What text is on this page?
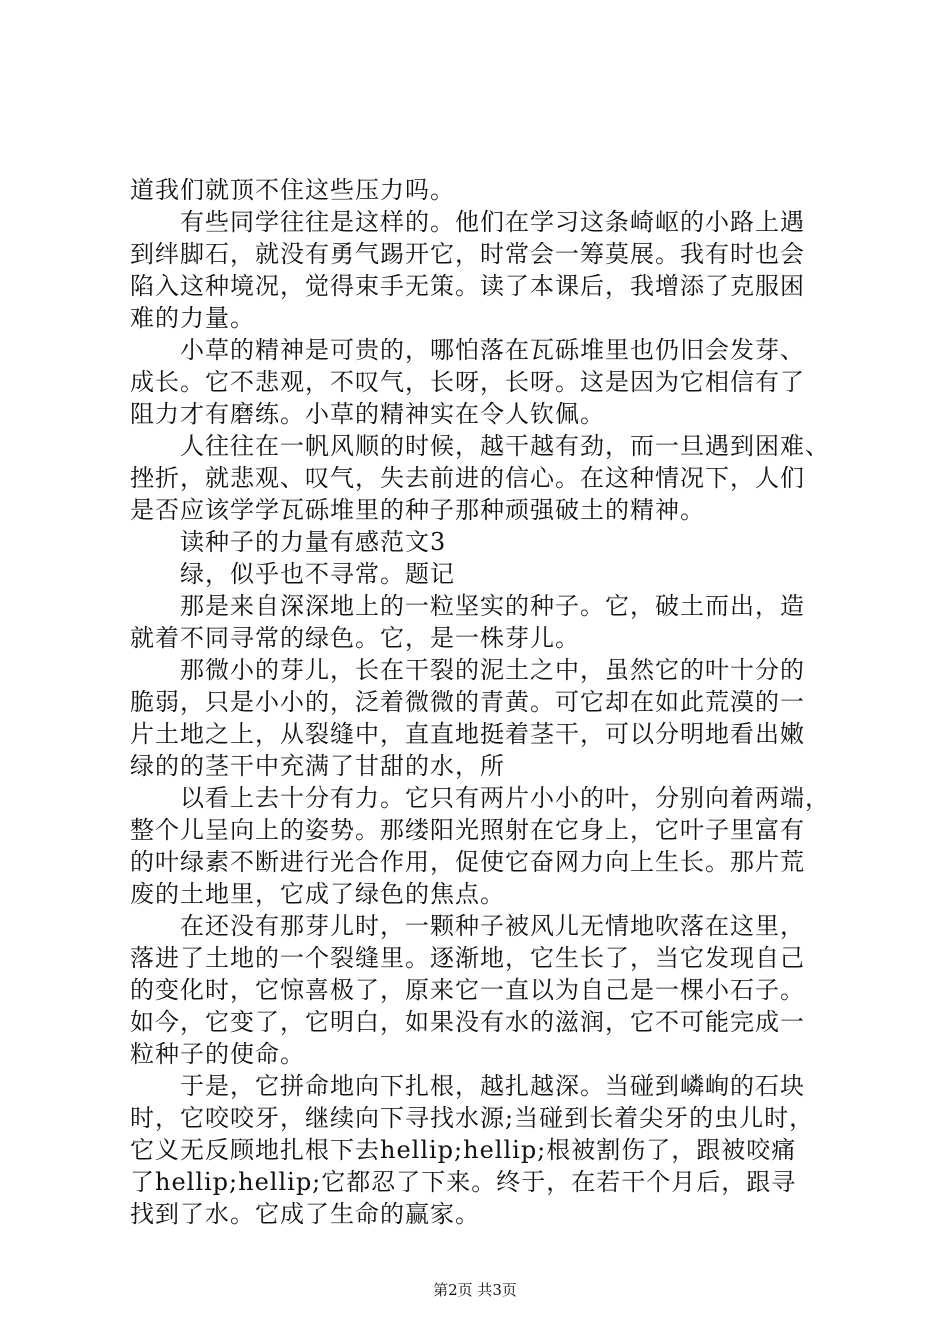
道我们就顶不住这些压力吗。
有些同学往往是这样的。他们在学习这条崎岖的小路上遇
到绊脚石，就没有勇气踢开它，时常会一筹莫展。我有时也会
陷入这种境况，觉得束手无策。读了本课后，我增添了克服困
难的力量。
小草的精神是可贵的，哪怕落在瓦砾堆里也仍旧会发芽、
成长。它不悲观，不叹气，长呀，长呀。这是因为它相信有了
阻力才有磨练。小草的精神实在令人钦佩。
人往往在一帆风顺的时候，越干越有劲，而一旦遇到困难、
挫折，就悲观、叹气，失去前进的信心。在这种情况下，人们
是否应该学学瓦砾堆里的种子那种顽强破土的精神。
读种子的力量有感范文3
绿，似乎也不寻常。题记
那是来自深深地上的一粒坚实的种子。它，破土而出，造
就着不同寻常的绿色。它，是一株芽儿。
那微小的芽儿，长在干裂的泥土之中，虽然它的叶十分的
脆弱，只是小小的，泛着微微的青黄。可它却在如此荒漠的一
片土地之上，从裂缝中，直直地挺着茎干，可以分明地看出嫩
绿的的茎干中充满了甘甜的水，所
以看上去十分有力。它只有两片小小的叶，分别向着两端，
整个儿呈向上的姿势。那缕阳光照射在它身上，它叶子里富有
的叶绿素不断进行光合作用，促使它奋网力向上生长。那片荒
废的土地里，它成了绿色的焦点。
在还没有那芽儿时，一颗种子被风儿无情地吹落在这里，
落进了土地的一个裂缝里。逐渐地，它生长了，当它发现自己
的变化时，它惊喜极了，原来它一直以为自己是一棵小石子。
如今，它变了，它明白，如果没有水的滋润，它不可能完成一
粒种子的使命。
于是，它拼命地向下扎根，越扎越深。当碰到嶙峋的石块
时，它咬咬牙，继续向下寻找水源;当碰到长着尖牙的虫儿时，
它义无反顾地扎根下去hellip;hellip;根被割伤了，跟被咬痛
了hellip;hellip;它都忍了下来。终于，在若干个月后，跟寻
找到了水。它成了生命的赢家。
第2页 共3页
